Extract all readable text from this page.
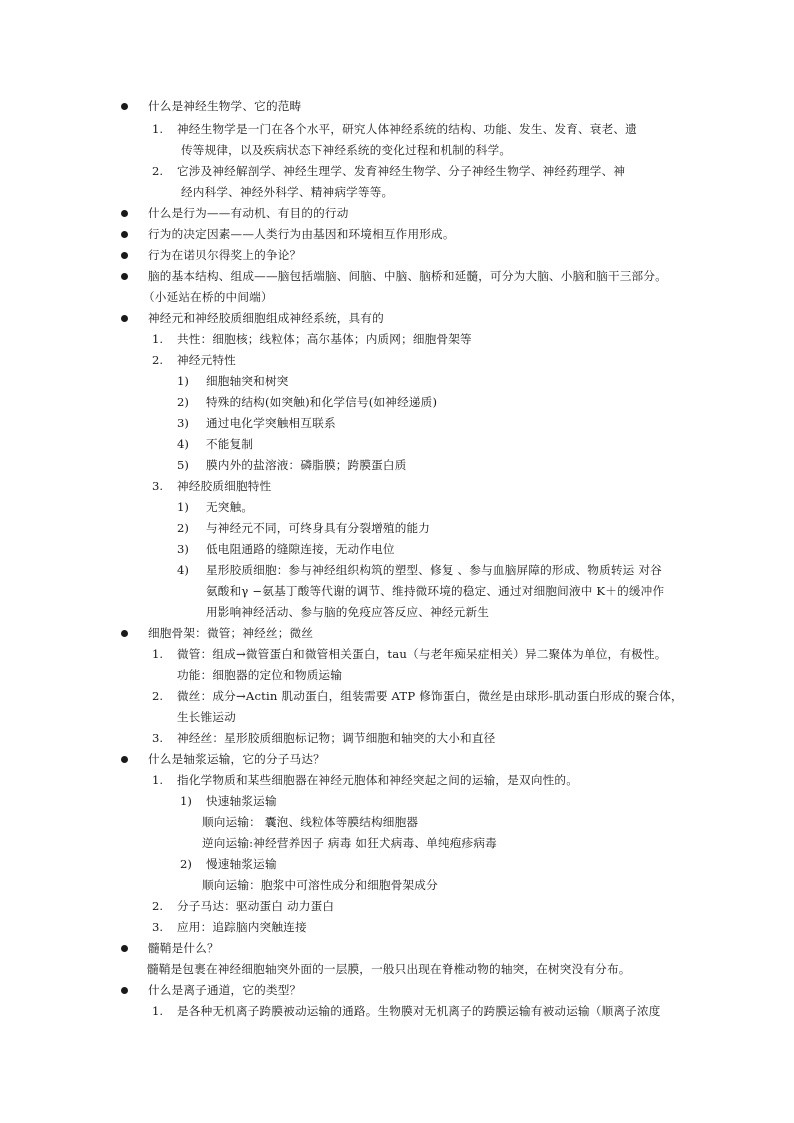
什么是神经生物学、它的范畴
1. 神经生物学是一门在各个水平，研究人体神经系统的结构、功能、发生、发育、衰老、遗
传等规律，以及疾病状态下神经系统的变化过程和机制的科学。
2. 它涉及神经解剖学、神经生理学、发育神经生物学、分子神经生物学、神经药理学、神
经内科学、神经外科学、精神病学等等。
什么是行为——有动机、有目的的行动
行为的决定因素——人类行为由基因和环境相互作用形成。
行为在诺贝尔得奖上的争论？
脑的基本结构、组成——脑包括端脑、间脑、中脑、脑桥和延髓，可分为大脑、小脑和脑干三部分。
（小延站在桥的中间端）
神经元和神经胶质细胞组成神经系统，具有的
1. 共性：细胞核；线粒体；高尔基体；内质网；细胞骨架等
2. 神经元特性
1) 细胞轴突和树突
2) 特殊的结构(如突触)和化学信号(如神经递质)
3) 通过电化学突触相互联系
4) 不能复制
5) 膜内外的盐溶液：磷脂膜；跨膜蛋白质
3. 神经胶质细胞特性
1) 无突触。
2) 与神经元不同，可终身具有分裂增殖的能力
3) 低电阻通路的缝隙连接，无动作电位
4) 星形胶质细胞：参与神经组织构筑的塑型、修复 、参与血脑屏障的形成、物质转运 对谷
氨酸和γ −氨基丁酸等代谢的调节、维持微环境的稳定、通过对细胞间液中 K＋的缓冲作
用影响神经活动、参与脑的免疫应答反应、神经元新生
细胞骨架：微管；神经丝；微丝
1. 微管：组成→微管蛋白和微管相关蛋白，tau（与老年痴呆症相关）异二聚体为单位，有极性。
功能：细胞器的定位和物质运输
2. 微丝：成分→Actin 肌动蛋白，组装需要 ATP 修饰蛋白，微丝是由球形-肌动蛋白形成的聚合体，
生长锥运动
3. 神经丝：星形胶质细胞标记物；调节细胞和轴突的大小和直径
什么是轴浆运输，它的分子马达？
1. 指化学物质和某些细胞器在神经元胞体和神经突起之间的运输，是双向性的。
1) 快速轴浆运输
顺向运输： 囊泡、线粒体等膜结构细胞器
逆向运输:神经营养因子 病毒 如狂犬病毒、单纯疱疹病毒
2) 慢速轴浆运输
顺向运输：胞浆中可溶性成分和细胞骨架成分
2. 分子马达：驱动蛋白 动力蛋白
3. 应用：追踪脑内突触连接
髓鞘是什么？
髓鞘是包裹在神经细胞轴突外面的一层膜，一般只出现在脊椎动物的轴突，在树突没有分布。
什么是离子通道，它的类型？
1. 是各种无机离子跨膜被动运输的通路。生物膜对无机离子的跨膜运输有被动运输（顺离子浓度
